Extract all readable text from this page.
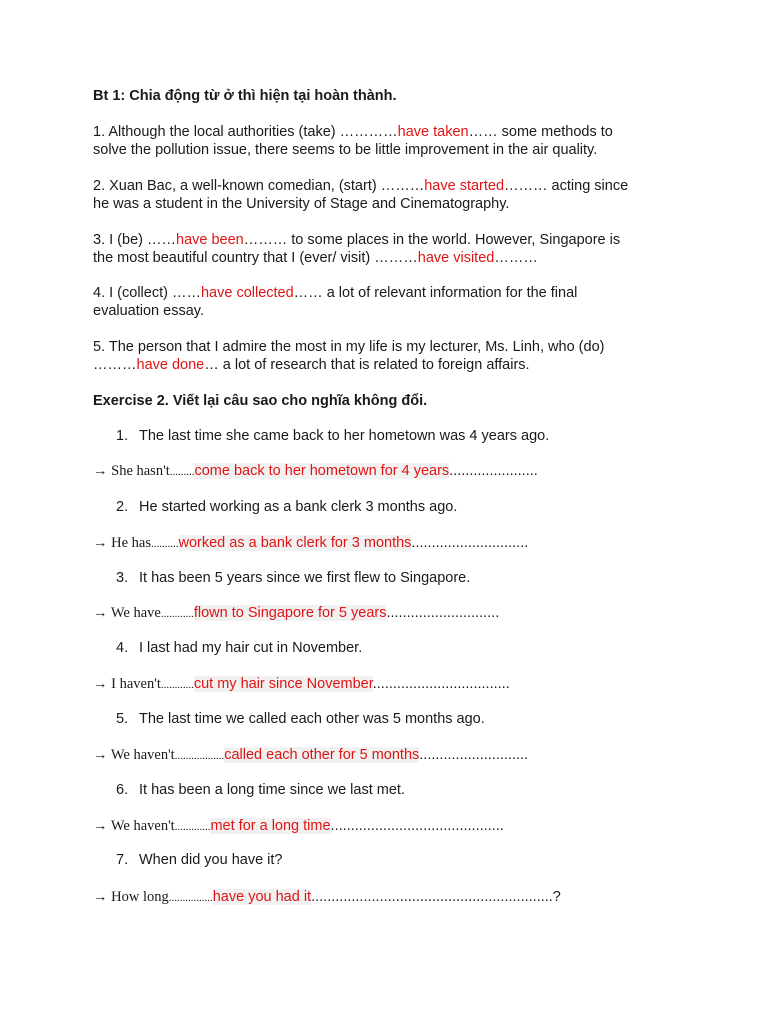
Bt 1: Chia động từ ở thì hiện tại hoàn thành.
1. Although the local authorities (take) …………have taken…… some methods to
solve the pollution issue, there seems to be little improvement in the air quality.
2. Xuan Bac, a well-known comedian, (start) ………have started……… acting since
he was a student in the University of Stage and Cinematography.
3. I (be) ……have been……… to some places in the world. However, Singapore is
the most beautiful country that I (ever/ visit) ………have visited………
4. I (collect) ……have collected…… a lot of relevant information for the final
evaluation essay.
5. The person that I admire the most in my life is my lecturer, Ms. Linh, who (do)
………have done… a lot of research that is related to foreign affairs.
Exercise 2. Viết lại câu sao cho nghĩa không đổi.
1. The last time she came back to her hometown was 4 years ago.
→ She hasn't.........come back to her hometown for 4 years......................
2. He started working as a bank clerk 3 months ago.
→ He has..........worked as a bank clerk for 3 months.............................
3. It has been 5 years since we first flew to Singapore.
→ We have............flown to Singapore for 5 years............................
4. I last had my hair cut in November.
→ I haven't............cut my hair since November..................................
5. The last time we called each other was 5 months ago.
→ We haven't..................called each other for 5 months...........................
6. It has been a long time since we last met.
→ We haven't.............met for a long time...........................................
7. When did you have it?
→ How long................have you had it............................................................?
